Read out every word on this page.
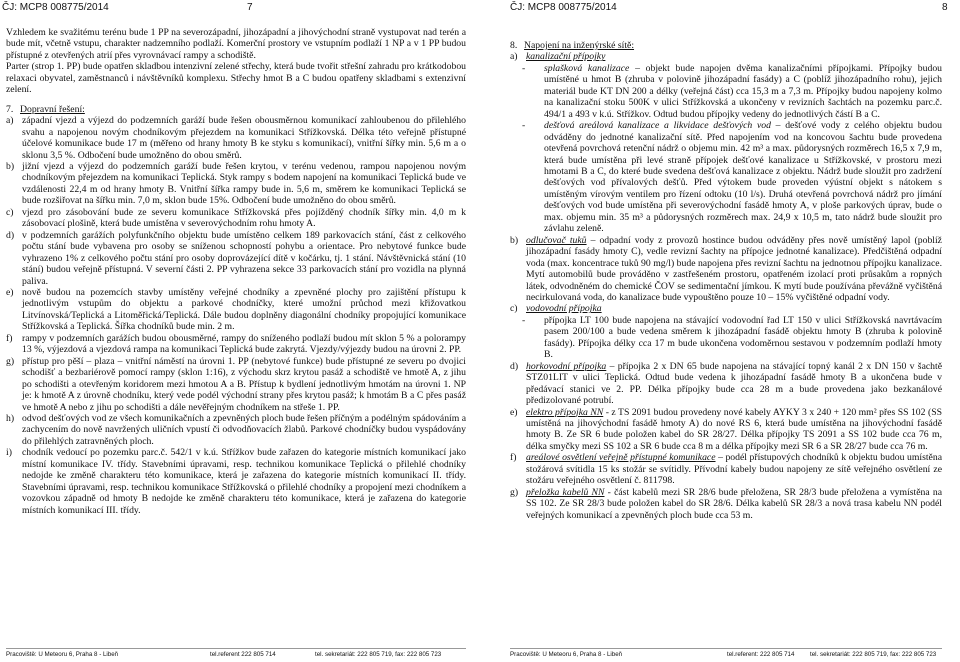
ČJ: MCP8 008775/2014	7

Vzhledem ke svažitému terénu bude 1 PP na severozápadní, jihozápadní a jihovýchodní straně vystupovat nad terén a bude mít, včetně vstupu, charakter nadzemního podlaží. Komerční prostory ve vstupním podlaží 1 NP a v 1 PP budou přístupné z otevřených atrií přes vyrovnávací rampy a schodiště.

Parter (strop 1. PP) bude opatřen skladbou intenzivní zelené střechy, která bude tvořit střešní zahradu pro krátkodobou relaxaci obyvatel, zaměstnanců i návštěvníků komplexu. Střechy hmot B a C budou opatřeny skladbami s extenzivní zelení.

7. Dopravní řešení:

a) západní vjezd a výjezd do podzemních garáží bude řešen obousměrnou komunikací zahloubenou do přilehlého svahu a napojenou novým chodníkovým přejezdem na komunikaci Střížkovská. Délka této veřejně přístupné účelové komunikace bude 17 m (měřeno od hrany hmoty B ke styku s komunikací), vnitřní šířky min. 5,6 m a o sklonu 3,5 %. Odbočení bude umožněno do obou směrů.

b) jižní vjezd a výjezd do podzemních garáží bude řešen krytou, v terénu vedenou, rampou napojenou novým chodníkovým přejezdem na komunikaci Teplická. Styk rampy s bodem napojení na komunikaci Teplická bude ve vzdálenosti 22,4 m od hrany hmoty B. Vnitřní šířka rampy bude in. 5,6 m, směrem ke komunikaci Teplická se bude rozšiřovat na šířku min. 7,0 m, sklon bude 15%. Odbočení bude umožněno do obou směrů.

c) vjezd pro zásobování bude ze severu komunikace Střížkovská přes pojížděný chodník šířky min. 4,0 m k zásobovací plošině, která bude umístěna v severovýchodním rohu hmoty A.

d) v podzemních garážích polyfunkčního objektu bude umístěno celkem 189 parkovacích stání, část z celkového počtu stání bude vybavena pro osoby se sníženou schopností pohybu a orientace. Pro nebytové funkce bude vyhrazeno 1% z celkového počtu stání pro osoby doprovázející dítě v kočárku, tj. 1 stání. Návštěvnická stání (10 stání) budou veřejně přístupná. V severní části 2. PP vyhrazena sekce 33 parkovacích stání pro vozidla na plynná paliva.

e) nově budou na pozemcích stavby umístěny veřejné chodníky a zpevněné plochy pro zajištění přístupu k jednotlivým vstupům do objektu a parkové chodníčky, které umožní průchod mezi křižovatkou Litvínovská/Teplická a Litoměřická/Teplická. Dále budou doplněny diagonální chodníky propojující komunikace Střížkovská a Teplická. Šířka chodníků bude min. 2 m.

f) rampy v podzemních garážích budou obousměrné, rampy do sníženého podlaží budou mít sklon 5 % a polorampy 13 %, výjezdová a vjezdová rampa na komunikaci Teplická bude zakrytá. Vjezdy/výjezdy budou na úrovni 2. PP.

g) přístup pro pěší – plaza – vnitřní náměstí na úrovni 1. PP (nebytové funkce) bude přístupné ze severu po dvojici schodišť a bezbariérově pomocí rampy (sklon 1:16), z východu skrz krytou pasáž a schodiště ve hmotě A, z jihu po schodišti a otevřeným koridorem mezi hmotou A a B. Přístup k bydlení jednotlivým hmotám na úrovni 1. NP je: k hmotě A z úrovně chodníku, který vede podél východní strany přes krytou pasáž; k hmotám B a C přes pasáž ve hmotě A nebo z jihu po schodišti a dále nevěřejným chodníkem na střeše 1. PP.

h) odvod dešťových vod ze všech komunikačních a zpevněných ploch bude řešen příčným a podélným spádováním a zachycením do nově navržených uličních vpustí či odvodňovacích žlabů. Parkové chodníčky budou vyspádovány do přilehlých zatravněných ploch.

i) chodník vedoucí po pozemku parc.č. 542/1 v k.ú. Střížkov bude zařazen do kategorie místních komunikací jako místní komunikace IV. třídy. Stavebními úpravami, resp. technikou komunikace Teplická o přilehlé chodníky nedojde ke změně charakteru této komunikace, která je zařazena do kategorie místních komunikací II. třídy. Stavebními úpravami, resp. technikou komunikace Střížkovská o přilehlé chodníky a propojení mezi chodníkem a vozovkou západně od hmoty B nedojde ke změně charakteru této komunikace, která je zařazena do kategorie místních komunikací III. třídy.

Pracoviště: U Meteoru 6, Praha 8 - Libeň	tel.referent 222 805 714	tel. sekretariát: 222 805 719, fax: 222 805 723
ČJ: MCP8 008775/2014	8

8. Napojení na inženýrské sítě:

a) kanalizační přípojky

- splašková kanalizace – objekt bude napojen dvěma kanalizačními přípojkami. Přípojky budou umístěné u hmot B (zhruba v polovině jihozápadní fasády) a C (poblíž jihozápadního rohu), jejich materiál bude KT DN 200 a délky (veřejná část) cca 15,3 m a 7,3 m. Přípojky budou napojeny kolmo na kanalizační stoku 500K v ulici Střížkovská a ukončeny v revizních šachtách na pozemku parc.č. 494/1 a 493 v k.ú. Střížkov. Odtud budou přípojky vedeny do jednotlivých částí B a C.

- dešťová areálová kanalizace a likvidace dešťových vod – dešťové vody z celého objektu budou odváděny do jednotné kanalizační sítě. Před napojením vod na koncovou šachtu bude provedena otevřená povrchová retenční nádrž o objemu min. 42 m³ a max. půdorysných rozměrech 16,5 x 7,9 m, která bude umístěna při levé straně přípojek dešťové kanalizace u Střížkovské, v prostoru mezi hmotami B a C, do které bude svedena dešťová kanalizace z objektu. Nádrž bude sloužit pro zadržení dešťových vod přívalových dešťů. Před výtokem bude proveden výústní objekt s nátokem s umístěným vírovým ventilem pro řízení odtoku (10 l/s). Druhá otevřená povrchová nádrž pro jímání dešťových vod bude umístěna při severovýchodní fasádě hmoty A, v ploše parkových úprav, bude o max. objemu min. 35 m³ a půdorysných rozměrech max. 24,9 x 10,5 m, tato nádrž bude sloužit pro závlahu zeleně.

b) odlučovač tuků – odpadní vody z provozů hostince budou odváděny přes nově umístěný lapol (poblíž jihozápadní fasády hmoty C), vedle revizní šachty na přípojce jednotné kanalizace). Předčištěná odpadní voda (max. koncentrace tuků 90 mg/l) bude napojena přes revizní šachtu na jednotnou přípojku kanalizace. Mytí automobilů bude prováděno v zastřešeném prostoru, opatřeném izolací proti průsakům a ropných látek, odvodněném do chemické ČOV se sedimentační jímkou. K mytí bude používána převážně vyčištěná necirkulovaná voda, do kanalizace bude vypouštěno pouze 10 – 15% vyčištěné odpadní vody.

c) vodovodní přípojka

- přípojka LT 100 bude napojena na stávající vodovodní řad LT 150 v ulici Střížkovská navrtávacím pasem 200/100 a bude vedena směrem k jihozápadní fasádě objektu hmoty B (zhruba k polovině fasády). Přípojka délky cca 17 m bude ukončena vodoměrnou sestavou v podzemním podlaží hmoty B.

d) horkovodní přípojka – přípojka 2 x DN 65 bude napojena na stávající topný kanál 2 x DN 150 v šachtě STZ01LIT v ulici Teplická. Odtud bude vedena k jihozápadní fasádě hmoty B a ukončena bude v předávací stanici ve 2. PP. Délka přípojky bude cca 28 m a bude provedena jako bezkanálové předizolované potrubí.

e) elektro přípojka NN - z TS 2091 budou provedeny nové kabely AYKY 3 x 240 + 120 mm² přes SS 102 (SS umístěná na jihovýchodní fasádě hmoty A) do nové RS 6, která bude umístěna na jihovýchodní fasádě hmoty B. Ze SR 6 bude položen kabel do SR 28/27. Délka přípojky TS 2091 a SS 102 bude cca 76 m, délka smyčky mezi SS 102 a SR 6 bude cca 8 m a délka přípojky mezi SR 6 a SR 28/27 bude cca 76 m.

f) areálové osvětlení veřejně přístupné komunikace – podél přístupových chodníků k objektu budou umístěna stožárová svítidla 15 ks stožár se svítidly. Přívodní kabely budou napojeny ze sítě veřejného osvětlení ze stožáru veřejného osvětlení č. 811798.

g) přeložka kabelů NN - část kabelů mezi SR 28/6 bude přeložena, SR 28/3 bude přeložena a vymístěna na SS 102. Ze SR 28/3 bude položen kabel do SR 28/6. Délka kabelů SR 28/3 a nová trasa kabelu NN podél veřejných komunikací a zpevněných ploch bude cca 53 m.

Pracoviště: U Meteoru 6, Praha 8 - Libeň	tel.referent: 222 805 714	tel. sekretariát: 222 805 719, fax: 222 805 723
